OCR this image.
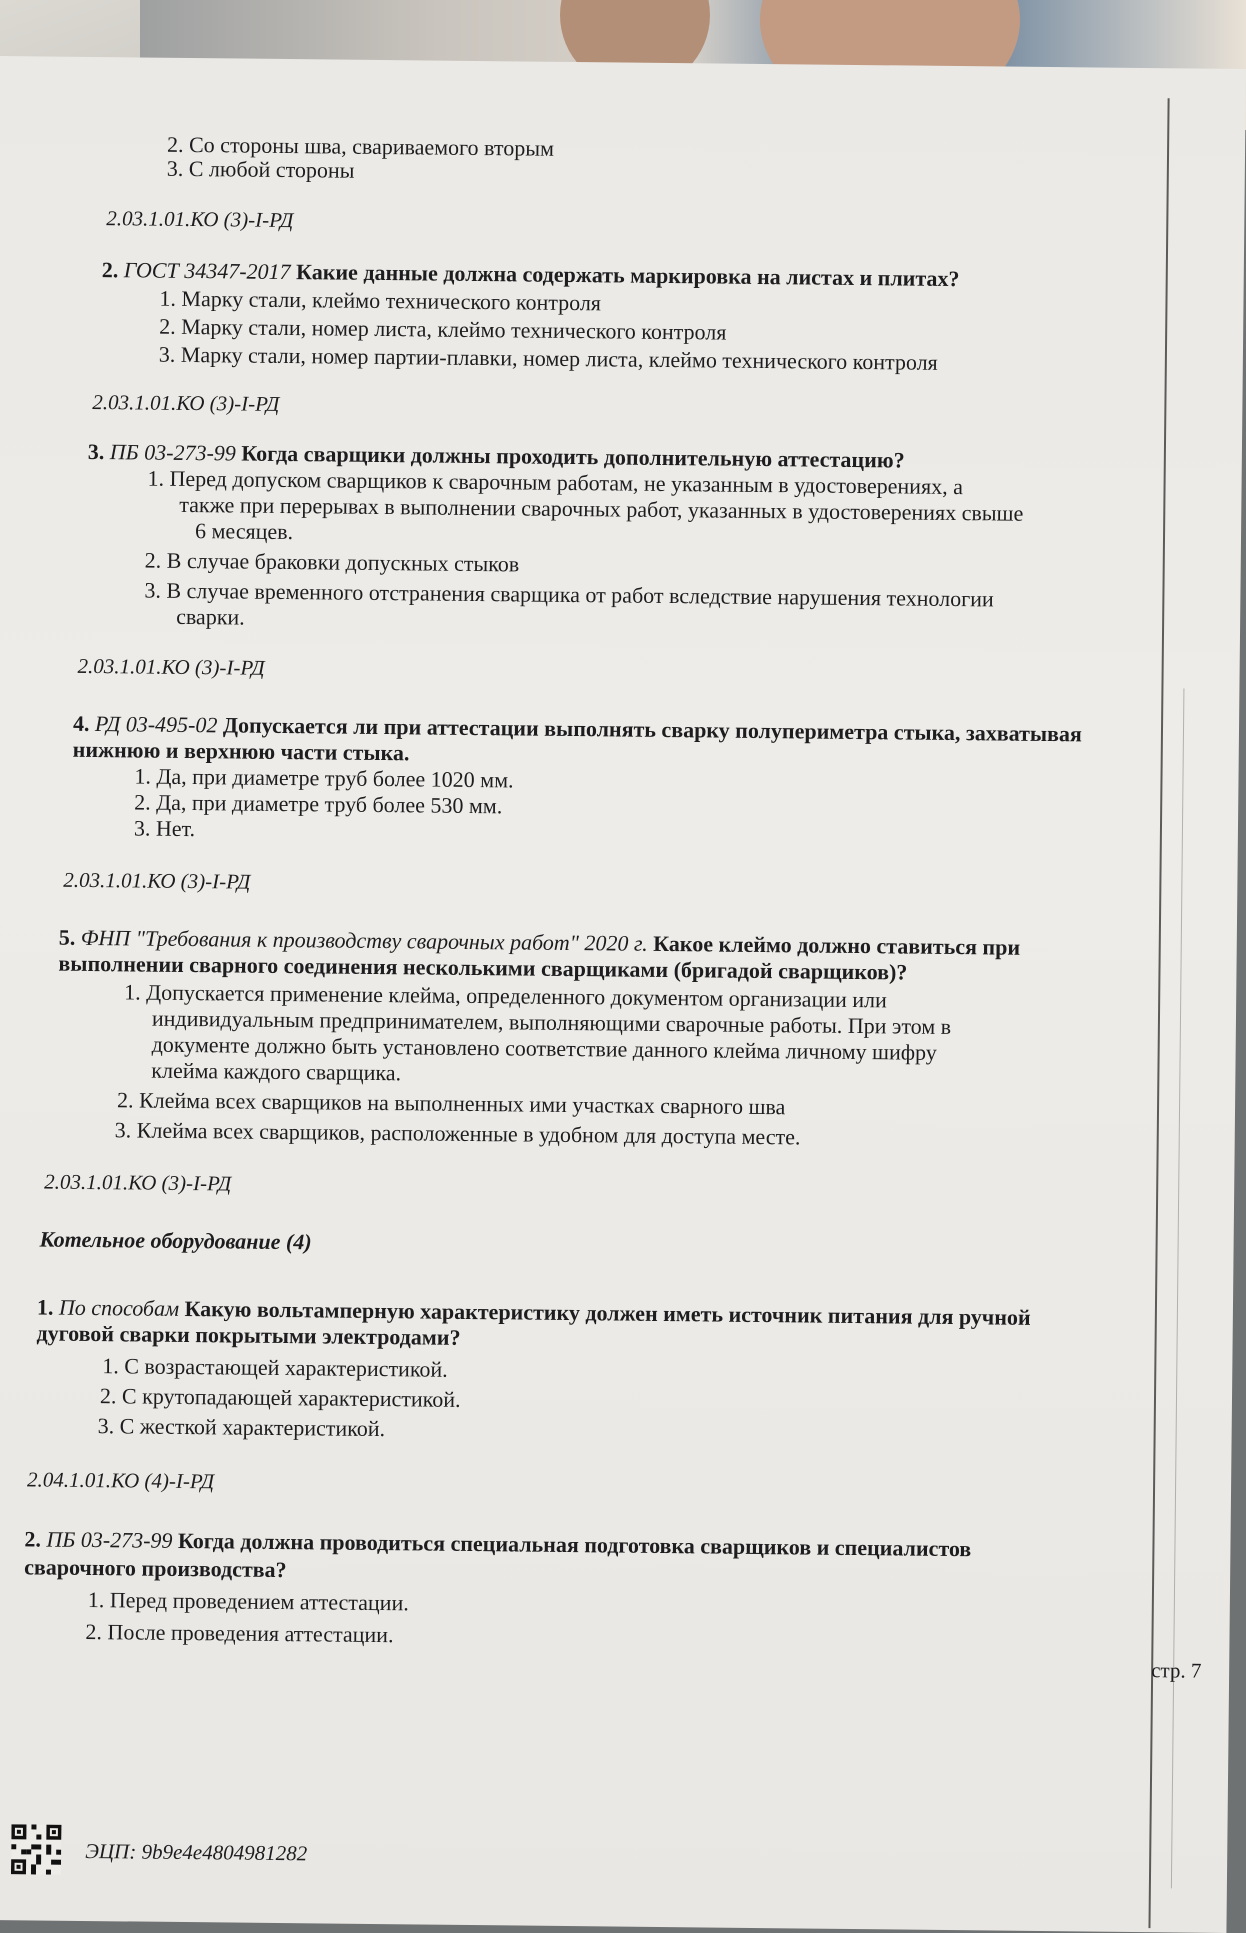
2. Со стороны шва, свариваемого вторым
3. С любой стороны
2.03.1.01.КО (3)-I-РД
2. ГОСТ 34347-2017 Какие данные должна содержать маркировка на листах и плитах?
1. Марку стали, клеймо технического контроля
2. Марку стали, номер листа, клеймо технического контроля
3. Марку стали, номер партии-плавки, номер листа, клеймо технического контроля
2.03.1.01.КО (3)-I-РД
3. ПБ 03-273-99 Когда сварщики должны проходить дополнительную аттестацию?
1. Перед допуском сварщиков к сварочным работам, не указанным в удостоверениях, а
также при перерывах в выполнении сварочных работ, указанных в удостоверениях свыше
6 месяцев.
2. В случае браковки допускных стыков
3. В случае временного отстранения сварщика от работ вследствие нарушения технологии
сварки.
2.03.1.01.КО (3)-I-РД
4. РД 03-495-02 Допускается ли при аттестации выполнять сварку полупериметра стыка, захватывая
нижнюю и верхнюю части стыка.
1. Да, при диаметре труб более 1020 мм.
2. Да, при диаметре труб более 530 мм.
3. Нет.
2.03.1.01.КО (3)-I-РД
5. ФНП "Требования к производству сварочных работ" 2020 г. Какое клеймо должно ставиться при
выполнении сварного соединения несколькими сварщиками (бригадой сварщиков)?
1. Допускается применение клейма, определенного документом организации или
индивидуальным предпринимателем, выполняющими сварочные работы. При этом в
документе должно быть установлено соответствие данного клейма личному шифру
клейма каждого сварщика.
2. Клейма всех сварщиков на выполненных ими участках сварного шва
3. Клейма всех сварщиков, расположенные в удобном для доступа месте.
2.03.1.01.КО (3)-I-РД
Котельное оборудование (4)
1. По способам Какую вольтамперную характеристику должен иметь источник питания для ручной
дуговой сварки покрытыми электродами?
1. С возрастающей характеристикой.
2. С крутопадающей характеристикой.
3. С жесткой характеристикой.
2.04.1.01.КО (4)-I-РД
2. ПБ 03-273-99 Когда должна проводиться специальная подготовка сварщиков и специалистов
сварочного производства?
1. Перед проведением аттестации.
2. После проведения аттестации.
стр. 7
ЭЦП: 9b9e4e4804981282
